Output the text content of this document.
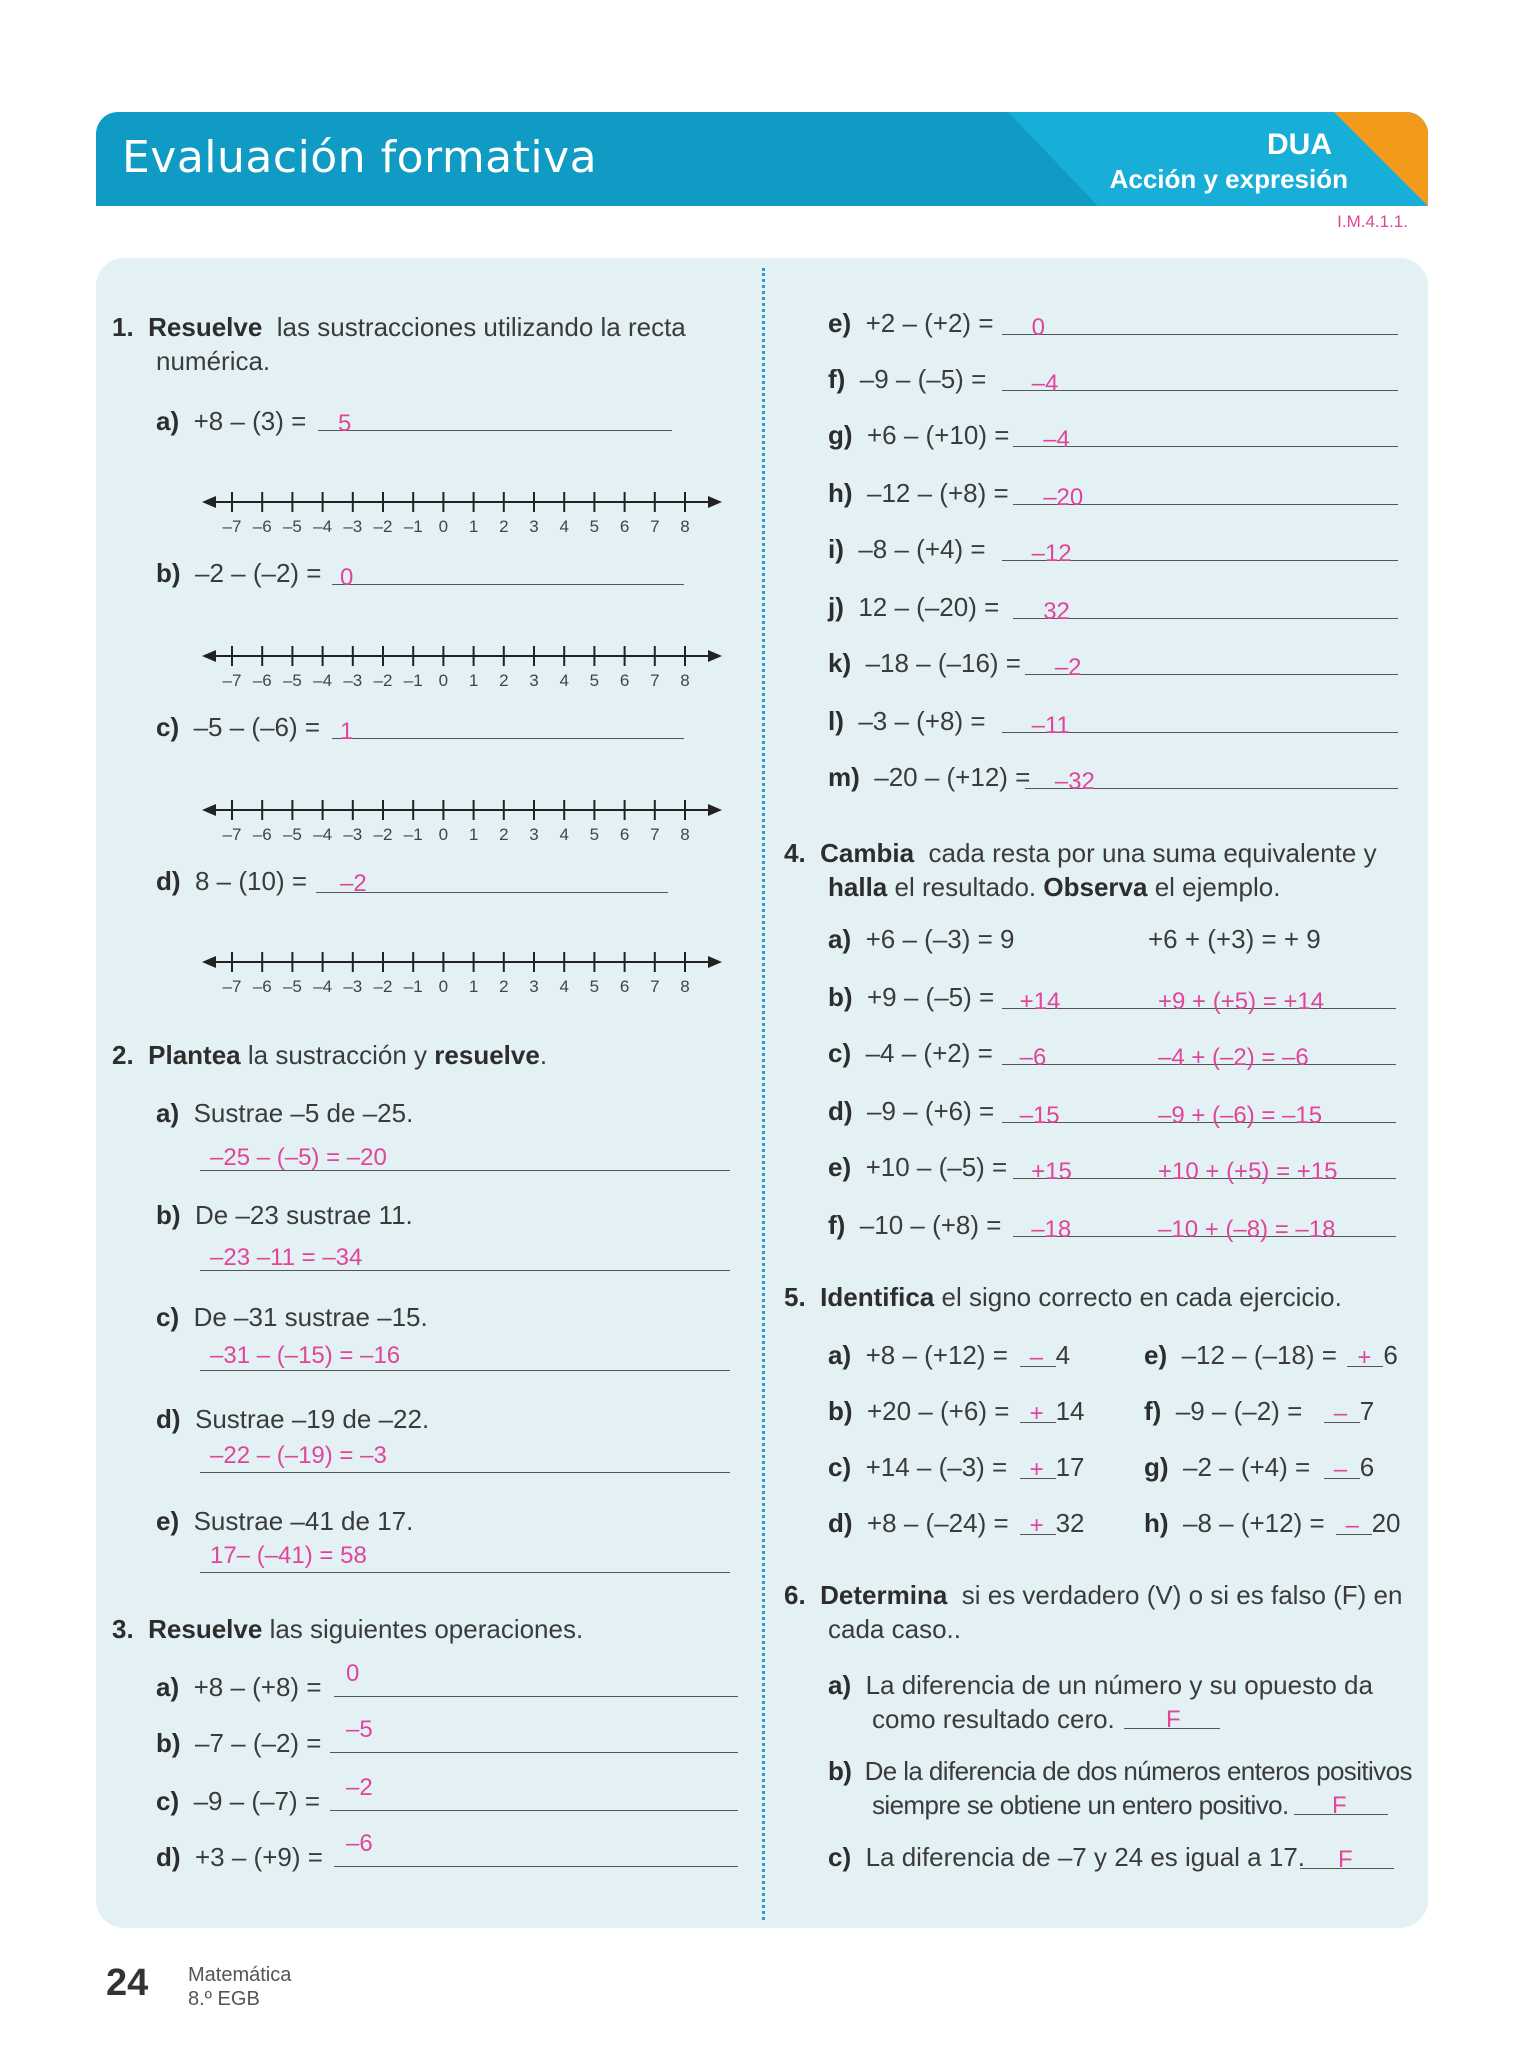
Evaluación formativa	DUA
Acción y expresión
I.M.4.1.1.
1. Resuelve las sustracciones utilizando la recta
numérica.
a) +8 – (3) = 5
–7 –6 –5 –4 –3 –2 –1 0 1 2 3 4 5 6 7 8
b) –2 – (–2) = 0
–7 –6 –5 –4 –3 –2 –1 0 1 2 3 4 5 6 7 8
c) –5 – (–6) = 1
–7 –6 –5 –4 –3 –2 –1 0 1 2 3 4 5 6 7 8
d) 8 – (10) = –2
–7 –6 –5 –4 –3 –2 –1 0 1 2 3 4 5 6 7 8
2. Plantea la sustracción y resuelve.
a) Sustrae –5 de –25.
–25 – (–5) = –20
b) De –23 sustrae 11.
–23 –11 = –34
c) De –31 sustrae –15.
–31 – (–15) = –16
d) Sustrae –19 de –22.
–22 – (–19) = –3
e) Sustrae –41 de 17.
17– (–41) = 58
3. Resuelve las siguientes operaciones.
a) +8 – (+8) = 0
b) –7 – (–2) = –5
c) –9 – (–7) = –2
d) +3 – (+9) = –6
e) +2 – (+2) = 0
f) –9 – (–5) = –4
g) +6 – (+10) = –4
h) –12 – (+8) = –20
i) –8 – (+4) = –12
j) 12 – (–20) = 32
k) –18 – (–16) = –2
l) –3 – (+8) = –11
m) –20 – (+12) = –32
4. Cambia cada resta por una suma equivalente y
halla el resultado. Observa el ejemplo.
a) +6 – (–3) = 9	+6 + (+3) = + 9
b) +9 – (–5) = +14	+9 + (+5) = +14
c) –4 – (+2) = –6	–4 + (–2) = –6
d) –9 – (+6) = –15	–9 + (–6) = –15
e) +10 – (–5) = +15	+10 + (+5) = +15
f) –10 – (+8) = –18	–10 + (–8) = –18
5. Identifica el signo correcto en cada ejercicio.
a) +8 – (+12) = – 4	e) –12 – (–18) = + 6
b) +20 – (+6) = + 14 f) –9 – (–2) = – 7
c) +14 – (–3) = + 17 g) –2 – (+4) = – 6
d) +8 – (–24) = + 32 h) –8 – (+12) = – 20
6. Determina si es verdadero (V) o si es falso (F) en
cada caso..
a) La diferencia de un número y su opuesto da
como resultado cero. F
b) De la diferencia de dos números enteros positivos
siempre se obtiene un entero positivo. F
c) La diferencia de –7 y 24 es igual a 17. F
24 Matemática
8.º EGB
